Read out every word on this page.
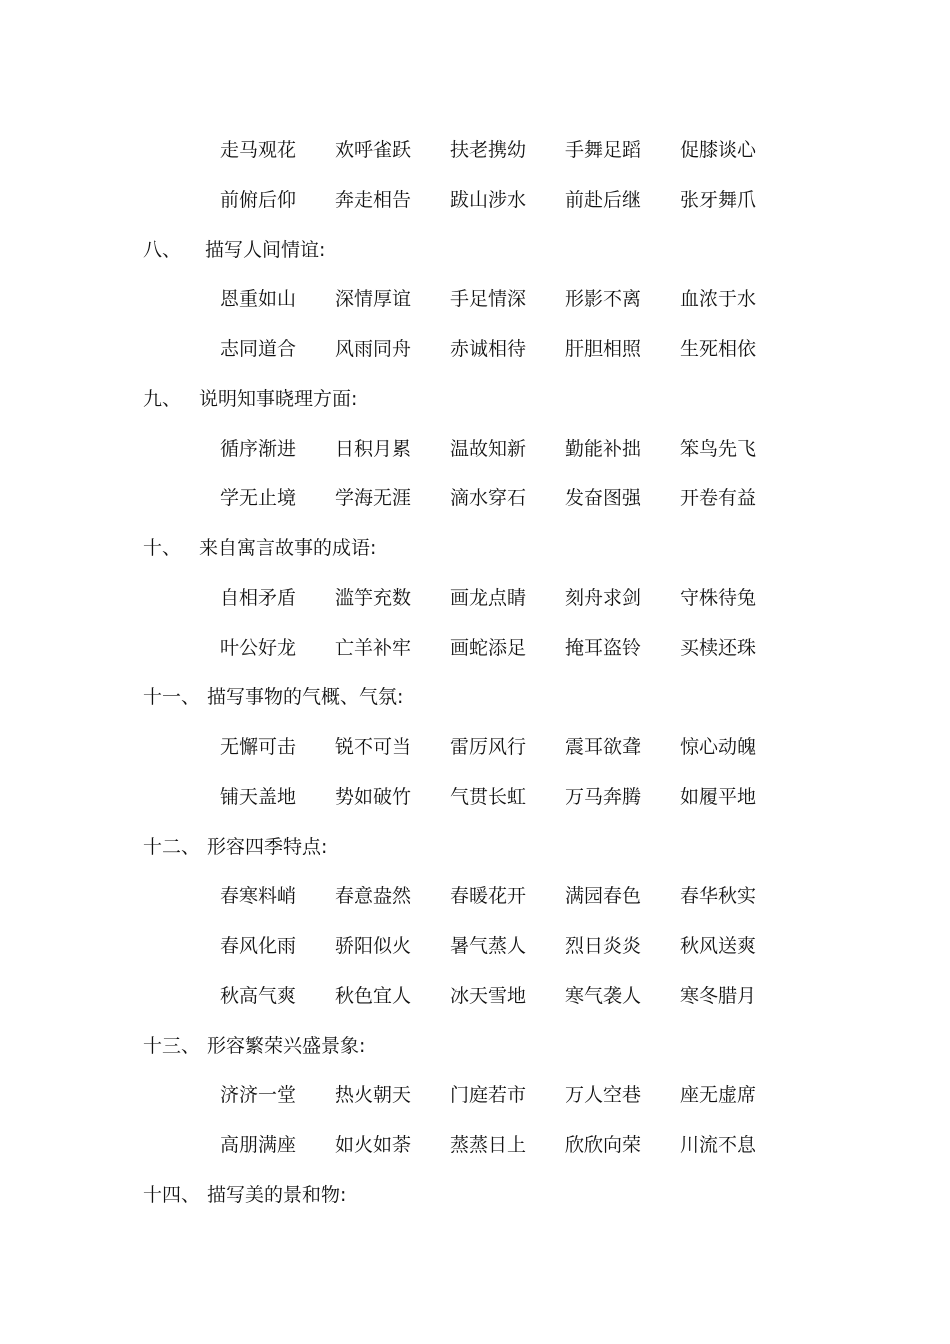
走马观花	欢呼雀跃	扶老携幼	手舞足蹈	促膝谈心
前俯后仰	奔走相告	跋山涉水	前赴后继	张牙舞爪
八、 描写人间情谊:
恩重如山	深情厚谊	手足情深	形影不离	血浓于水
志同道合	风雨同舟	赤诚相待	肝胆相照	生死相依
九、 说明知事晓理方面:
循序渐进	日积月累	温故知新	勤能补拙	笨鸟先飞
学无止境	学海无涯	滴水穿石	发奋图强	开卷有益
十、 来自寓言故事的成语:
自相矛盾	滥竽充数	画龙点睛	刻舟求剑	守株待兔
叶公好龙	亡羊补牢	画蛇添足	掩耳盗铃	买椟还珠
十一、 描写事物的气概、气氛:
无懈可击	锐不可当	雷厉风行	震耳欲聋	惊心动魄
铺天盖地	势如破竹	气贯长虹	万马奔腾	如履平地
十二、 形容四季特点:
春寒料峭	春意盎然	春暖花开	满园春色	春华秋实
春风化雨	骄阳似火	暑气蒸人	烈日炎炎	秋风送爽
秋高气爽	秋色宜人	冰天雪地	寒气袭人	寒冬腊月
十三、 形容繁荣兴盛景象:
济济一堂	热火朝天	门庭若市	万人空巷	座无虚席
高朋满座	如火如荼	蒸蒸日上	欣欣向荣	川流不息
十四、 描写美的景和物:
